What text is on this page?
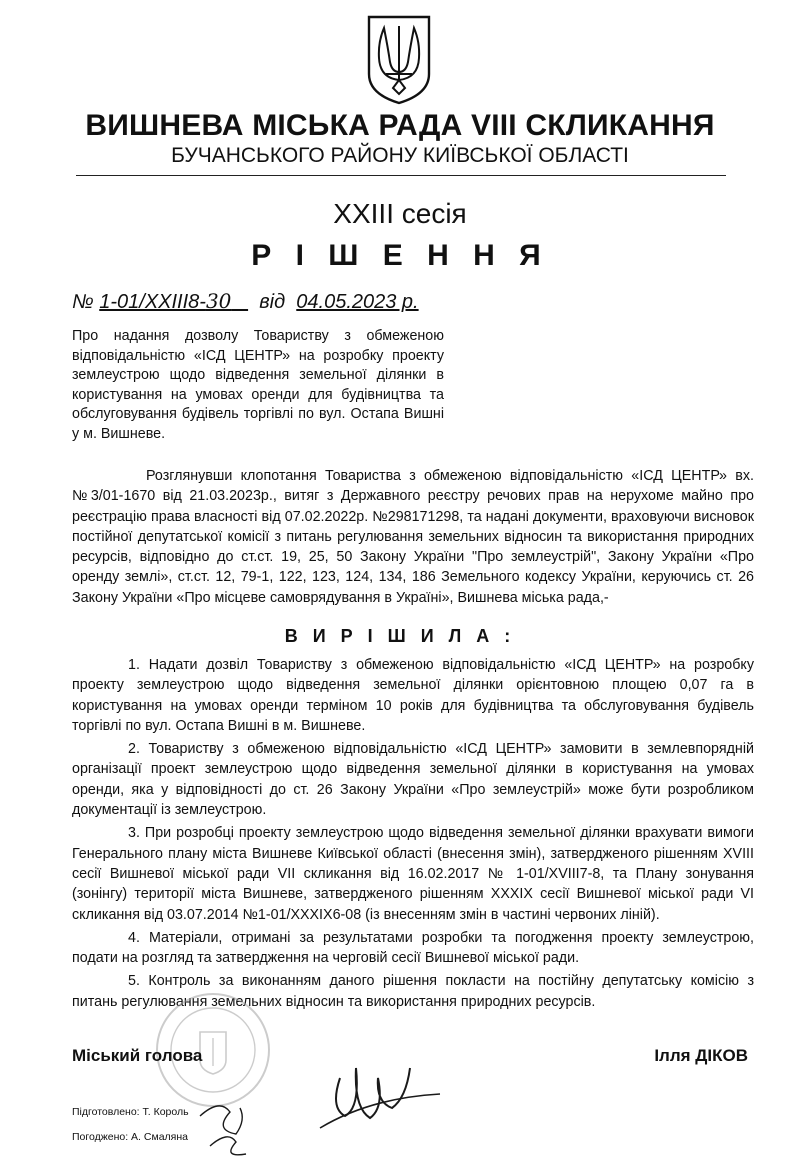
ВИШНЕВА МІСЬКА РАДА VIII СКЛИКАННЯ
БУЧАНСЬКОГО РАЙОНУ КИЇВСЬКОЇ ОБЛАСТІ
XXIII сесія
Р І Ш Е Н Н Я
№ 1-01/XXIII8-30 від 04.05.2023 р.
Про надання дозволу Товариству з обмеженою відповідальністю «ІСД ЦЕНТР» на розробку проекту землеустрою щодо відведення земельної ділянки в користування на умовах оренди для будівництва та обслуговування будівель торгівлі по вул. Остапа Вишні у м. Вишневе.
Розглянувши клопотання Товариства з обмеженою відповідальністю «ІСД ЦЕНТР» вх.№3/01-1670 від 21.03.2023р., витяг з Державного реєстру речових прав на нерухоме майно про реєстрацію права власності від 07.02.2022р. №298171298, та надані документи, враховуючи висновок постійної депутатської комісії з питань регулювання земельних відносин та використання природних ресурсів, відповідно до ст.ст. 19, 25, 50 Закону України "Про землеустрій", Закону України «Про оренду землі», ст.ст. 12, 79-1, 122, 123, 124, 134, 186 Земельного кодексу України, керуючись ст. 26 Закону України «Про місцеве самоврядування в Україні», Вишнева міська рада,-
В И Р І Ш И Л А :

1. Надати дозвіл Товариству з обмеженою відповідальністю «ІСД ЦЕНТР» на розробку проекту землеустрою щодо відведення земельної ділянки орієнтовною площею 0,07 га в користування на умовах оренди терміном 10 років для будівництва та обслуговування будівель торгівлі по вул. Остапа Вишні в м. Вишневе.

2. Товариству з обмеженою відповідальністю «ІСД ЦЕНТР» замовити в землевпорядній організації проект землеустрою щодо відведення земельної ділянки в користування на умовах оренди, яка у відповідності до ст. 26 Закону України «Про землеустрій» може бути розробликом документації із землеустрою.

3. При розробці проекту землеустрою щодо відведення земельної ділянки врахувати вимоги Генерального плану міста Вишневе Київської області (внесення змін), затвердженого рішенням XVIII сесії Вишневої міської ради VII скликання від 16.02.2017 № 1-01/XVIII7-8, та Плану зонування (зонінгу) території міста Вишневе, затвердженого рішенням XXXIX сесії Вишневої міської ради VI скликання від 03.07.2014 №1-01/XXXIX6-08 (із внесенням змін в частині червоних ліній).

4. Матеріали, отримані за результатами розробки та погодження проекту землеустрою, подати на розгляд та затвердження на черговій сесії Вишневої міської ради.

5. Контроль за виконанням даного рішення покласти на постійну депутатську комісію з питань регулювання земельних відносин та використання природних ресурсів.

Міський голова	Ілля ДІКОВ
Підготовлено: Т. Король
Погоджено: А. Смаляна
